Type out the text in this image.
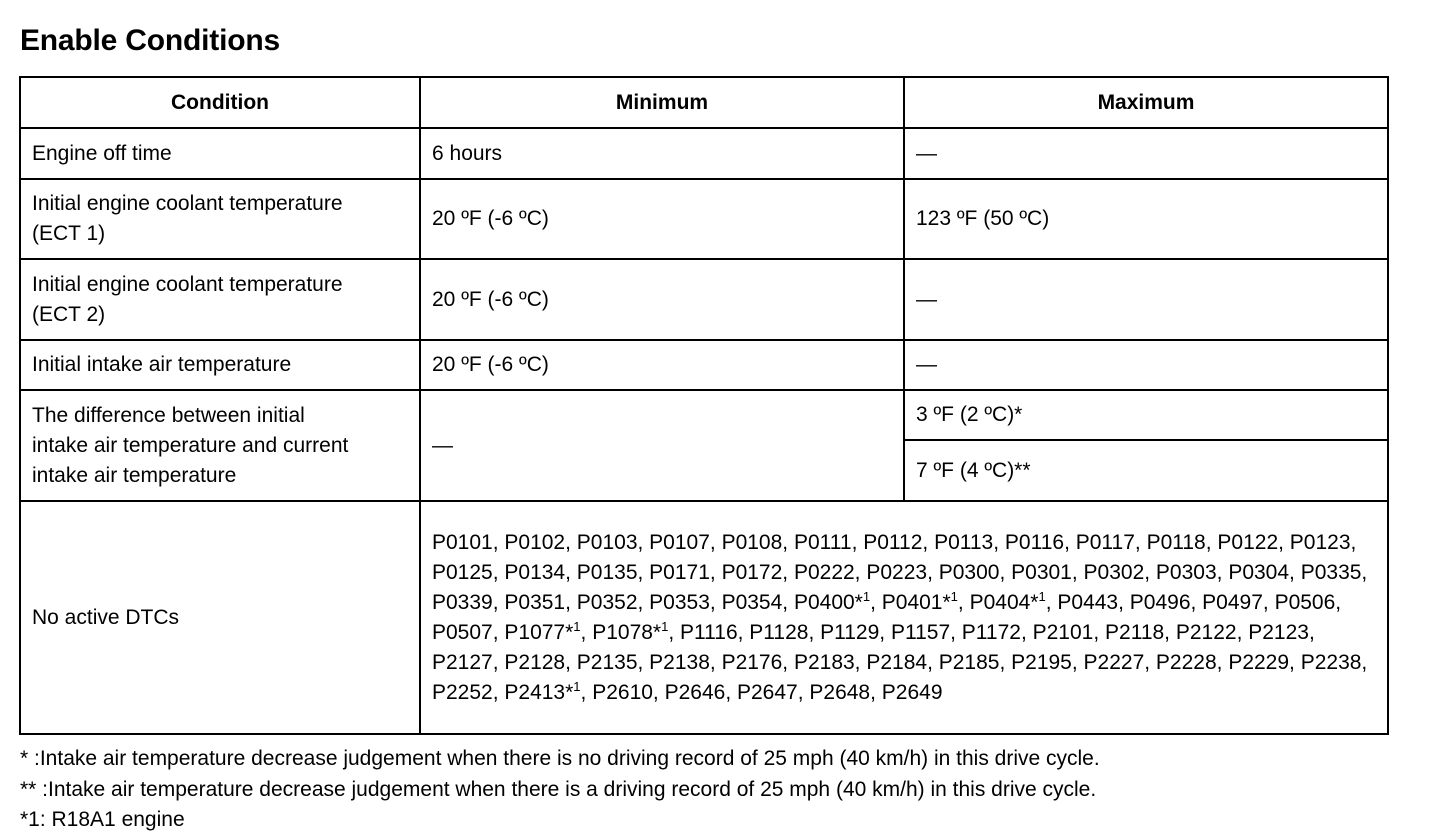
Enable Conditions
Condition	Minimum	Maximum
Engine off time	6 hours	—
Initial engine coolant temperature
(ECT 1)	20 ºF (-6 ºC)	123 ºF (50 ºC)
Initial engine coolant temperature
(ECT 2)	20 ºF (-6 ºC)	—
Initial intake air temperature	20 ºF (-6 ºC)	—
The difference between initial
intake air temperature and current
intake air temperature	—	3 ºF (2 ºC)*
		7 ºF (4 ºC)**
No active DTCs	P0101, P0102, P0103, P0107, P0108, P0111, P0112, P0113, P0116, P0117, P0118, P0122, P0123, P0125, P0134, P0135, P0171, P0172, P0222, P0223, P0300, P0301, P0302, P0303, P0304, P0335, P0339, P0351, P0352, P0353, P0354, P0400*$^1$, P0401*$^1$, P0404*$^1$, P0443, P0496, P0497, P0506, P0507, P1077*$^1$, P1078*$^1$, P1116, P1128, P1129, P1157, P1172, P2101, P2118, P2122, P2123, P2127, P2128, P2135, P2138, P2176, P2183, P2184, P2185, P2195, P2227, P2228, P2229, P2238, P2252, P2413*$^1$, P2610, P2646, P2647, P2648, P2649	
* :Intake air temperature decrease judgement when there is no driving record of 25 mph (40 km/h) in this drive cycle.
** :Intake air temperature decrease judgement when there is a driving record of 25 mph (40 km/h) in this drive cycle.
*1: R18A1 engine
